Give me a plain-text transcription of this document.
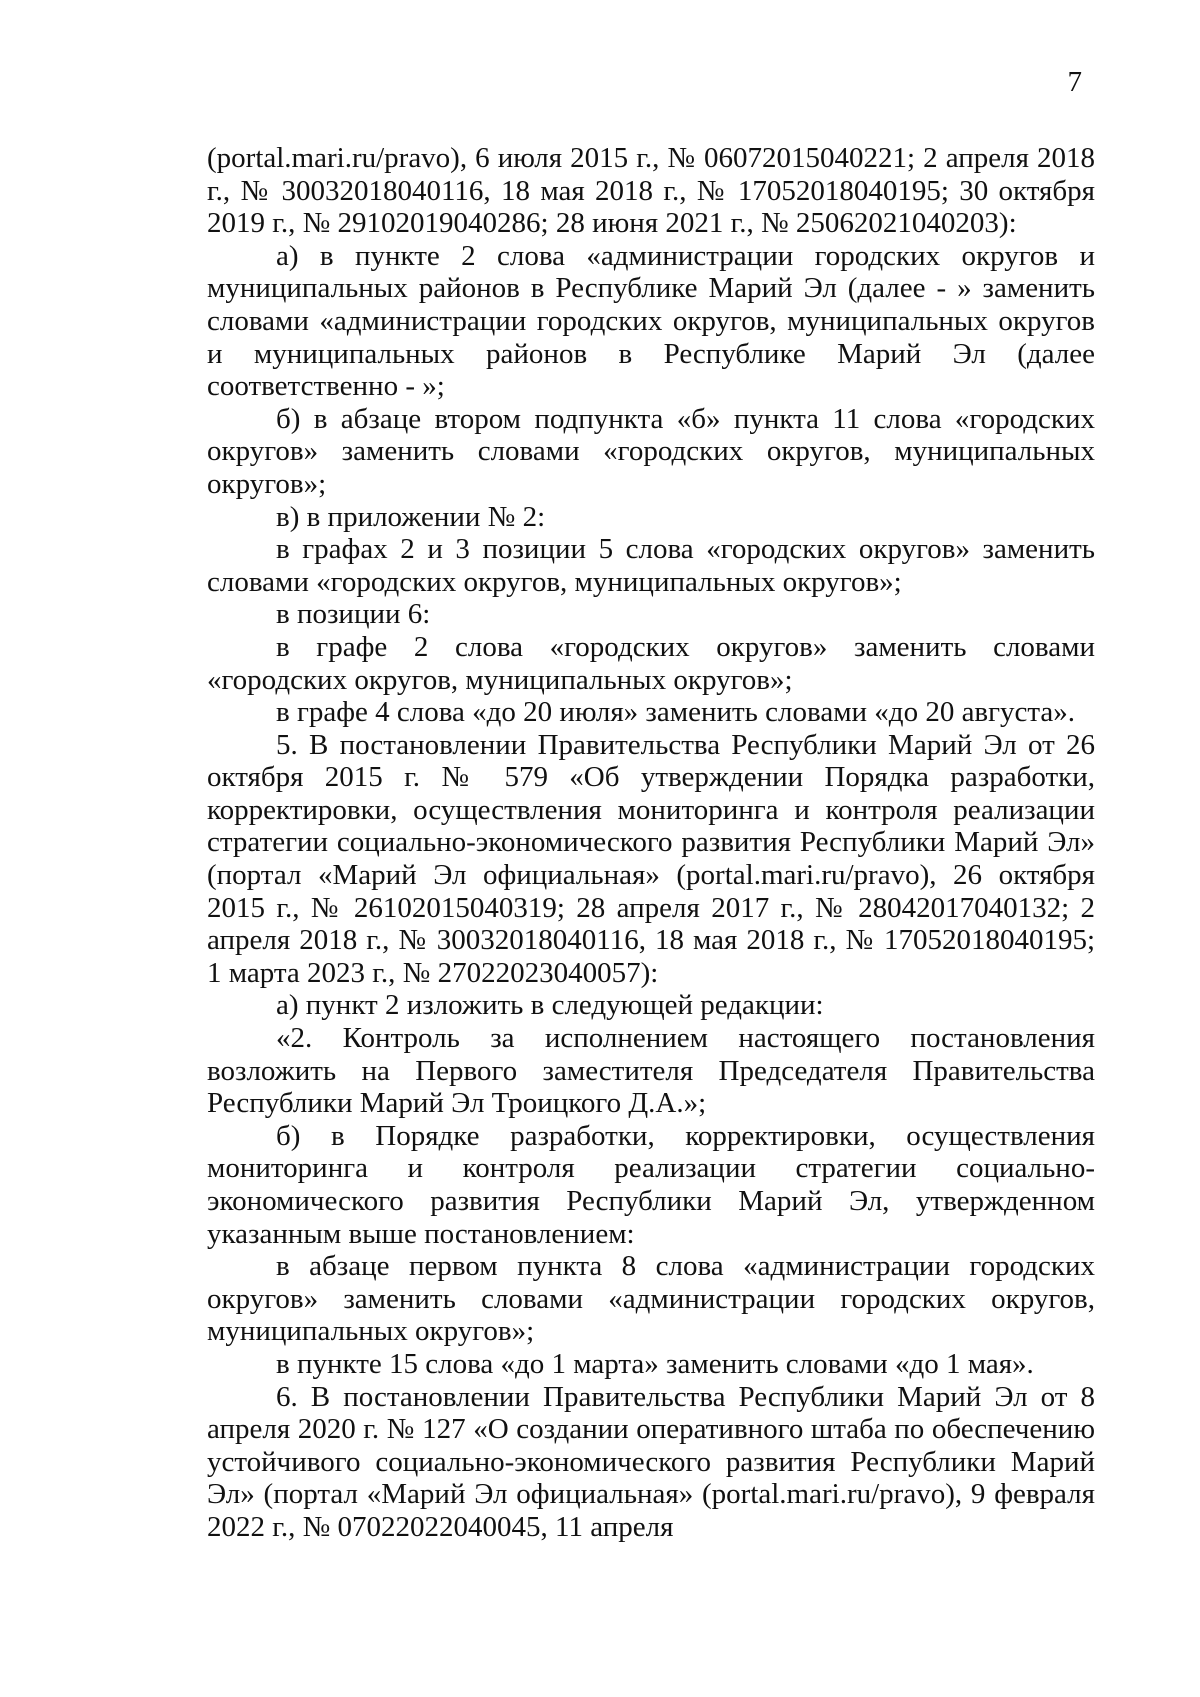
7

(portal.mari.ru/pravo), 6 июля 2015 г., № 06072015040221; 2 апреля 2018 г., № 30032018040116, 18 мая 2018 г., № 17052018040195; 30 октября 2019 г., № 29102019040286; 28 июня 2021 г., № 25062021040203):

а) в пункте 2 слова «администрации городских округов и муниципальных районов в Республике Марий Эл (далее - » заменить словами «администрации городских округов, муниципальных округов и муниципальных районов в Республике Марий Эл (далее соответственно - »;

б) в абзаце втором подпункта «б» пункта 11 слова «городских округов» заменить словами «городских округов, муниципальных округов»;

в) в приложении № 2:

в графах 2 и 3 позиции 5 слова «городских округов» заменить словами «городских округов, муниципальных округов»;

в позиции 6:

в графе 2 слова «городских округов» заменить словами «городских округов, муниципальных округов»;

в графе 4 слова «до 20 июля» заменить словами «до 20 августа».

5. В постановлении Правительства Республики Марий Эл от 26 октября 2015 г. № 579 «Об утверждении Порядка разработки, корректировки, осуществления мониторинга и контроля реализации стратегии социально-экономического развития Республики Марий Эл» (портал «Марий Эл официальная» (portal.mari.ru/pravo), 26 октября 2015 г., № 26102015040319; 28 апреля 2017 г., № 28042017040132; 2 апреля 2018 г., № 30032018040116, 18 мая 2018 г., № 17052018040195; 1 марта 2023 г., № 27022023040057):

а) пункт 2 изложить в следующей редакции:

«2. Контроль за исполнением настоящего постановления возложить на Первого заместителя Председателя Правительства Республики Марий Эл Троицкого Д.А.»;

б) в Порядке разработки, корректировки, осуществления мониторинга и контроля реализации стратегии социально-экономического развития Республики Марий Эл, утвержденном указанным выше постановлением:

в абзаце первом пункта 8 слова «администрации городских округов» заменить словами «администрации городских округов, муниципальных округов»;

в пункте 15 слова «до 1 марта» заменить словами «до 1 мая».

6. В постановлении Правительства Республики Марий Эл от 8 апреля 2020 г. № 127 «О создании оперативного штаба по обеспечению устойчивого социально-экономического развития Республики Марий Эл» (портал «Марий Эл официальная» (portal.mari.ru/pravo), 9 февраля 2022 г., № 07022022040045, 11 апреля
